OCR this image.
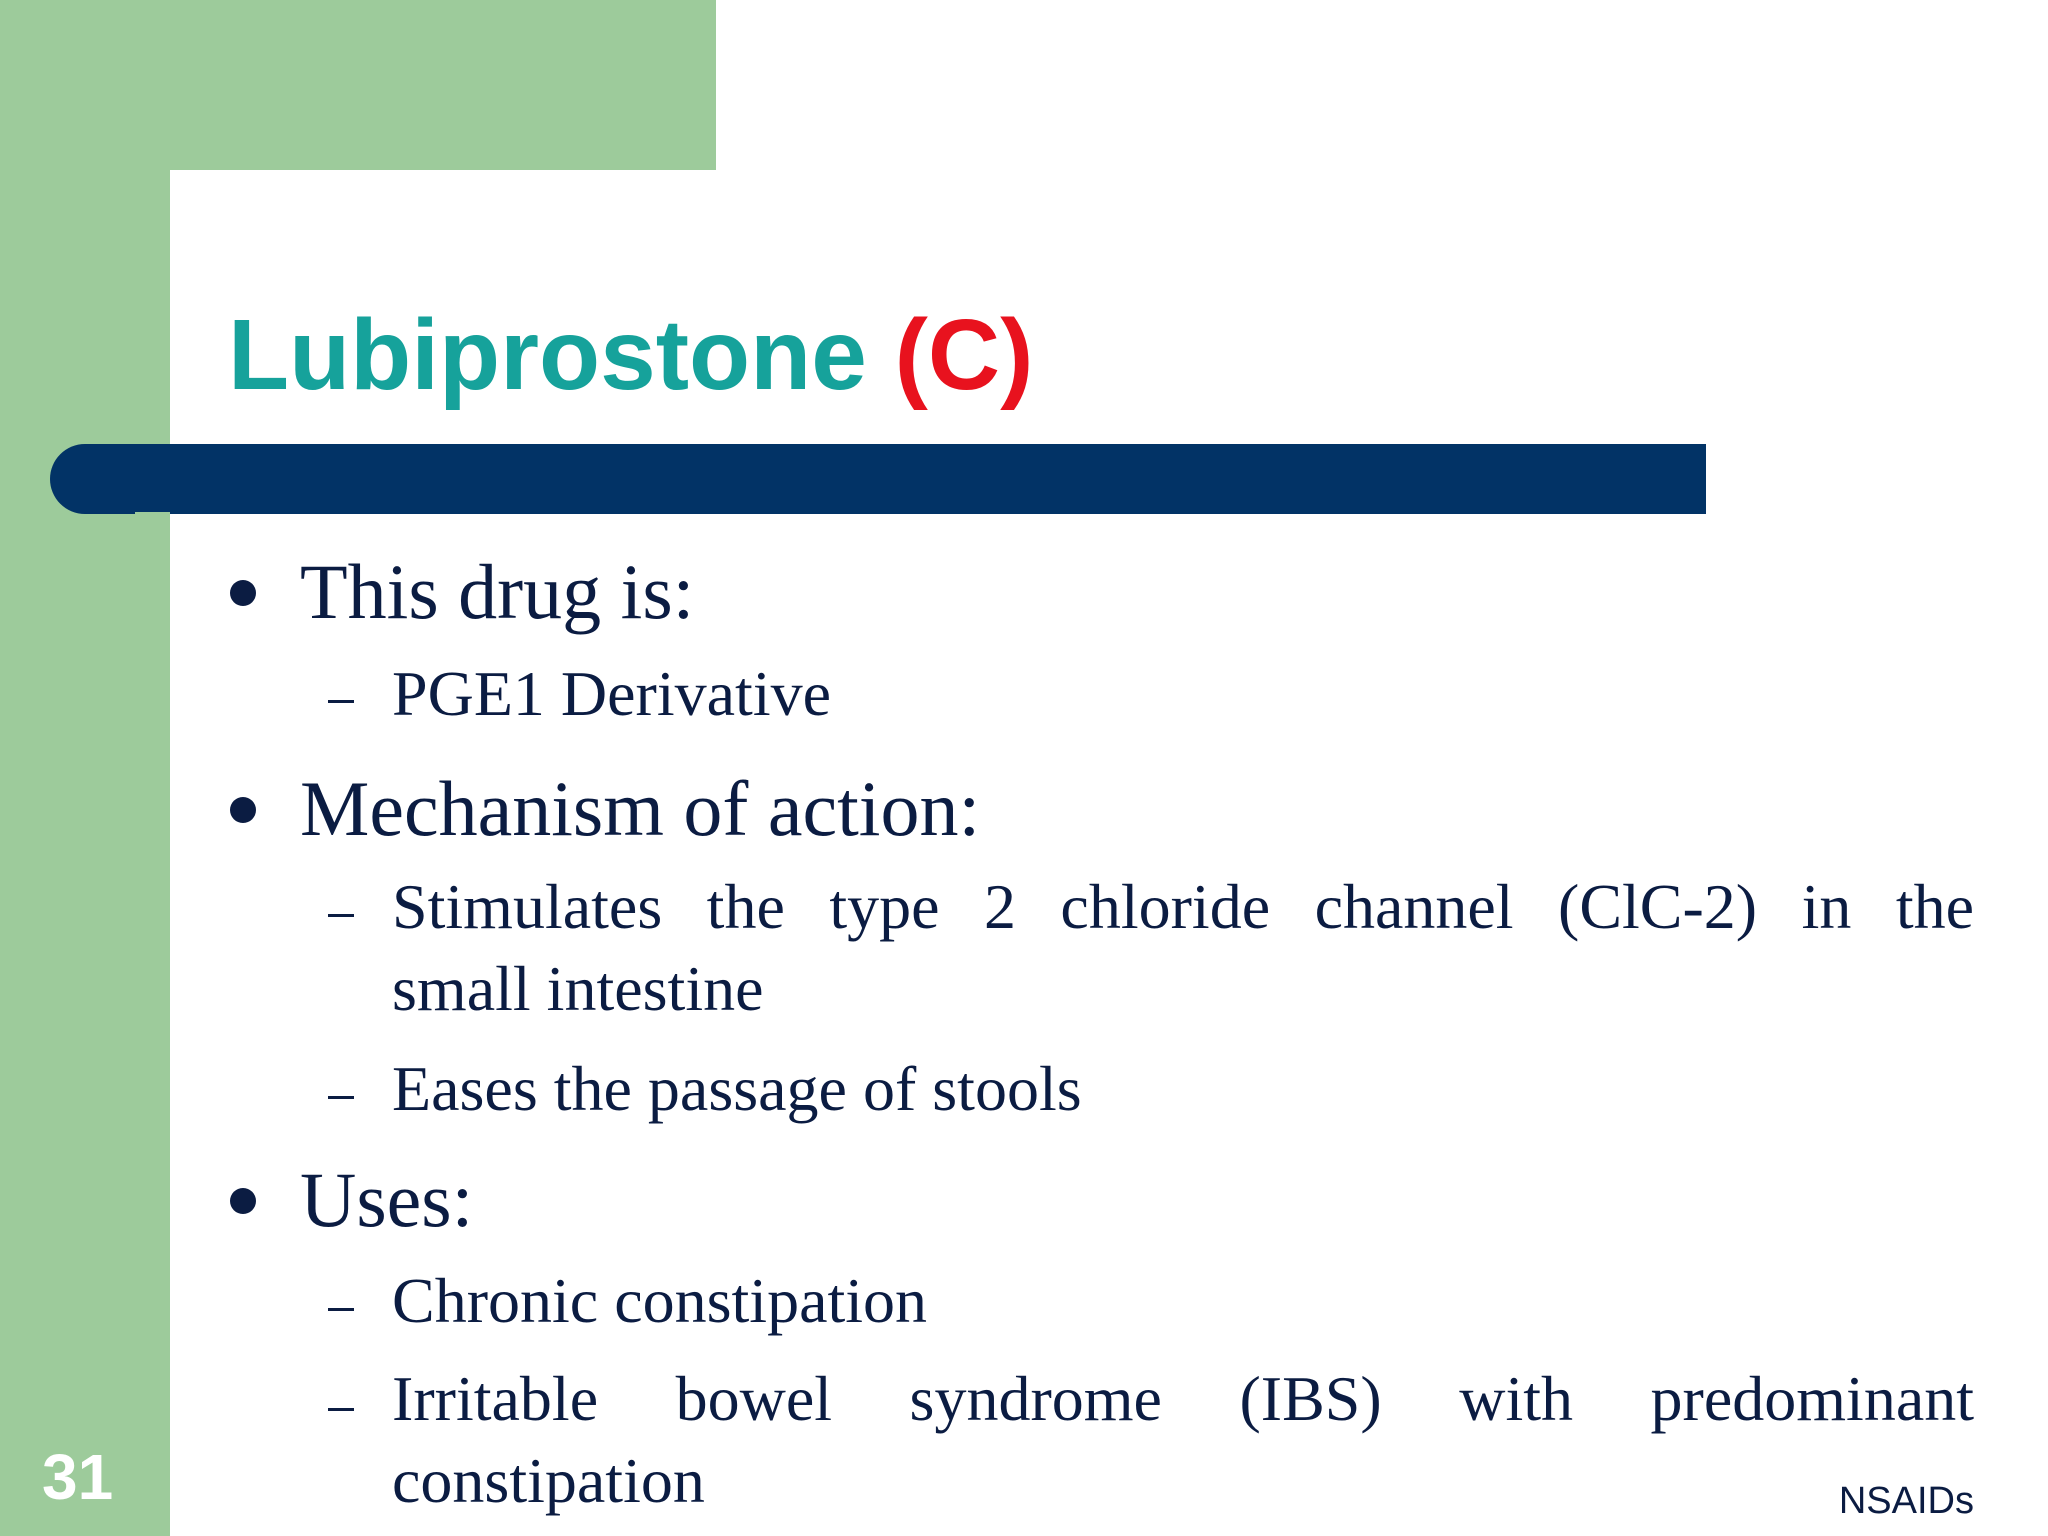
Lubiprostone (C)
This drug is:
PGE1 Derivative
Mechanism of action:
Stimulates the type 2 chloride channel (ClC-2) in the
small intestine
Eases the passage of stools
Uses:
Chronic constipation
Irritable bowel syndrome (IBS) with predominant
constipation
31	NSAIDs
